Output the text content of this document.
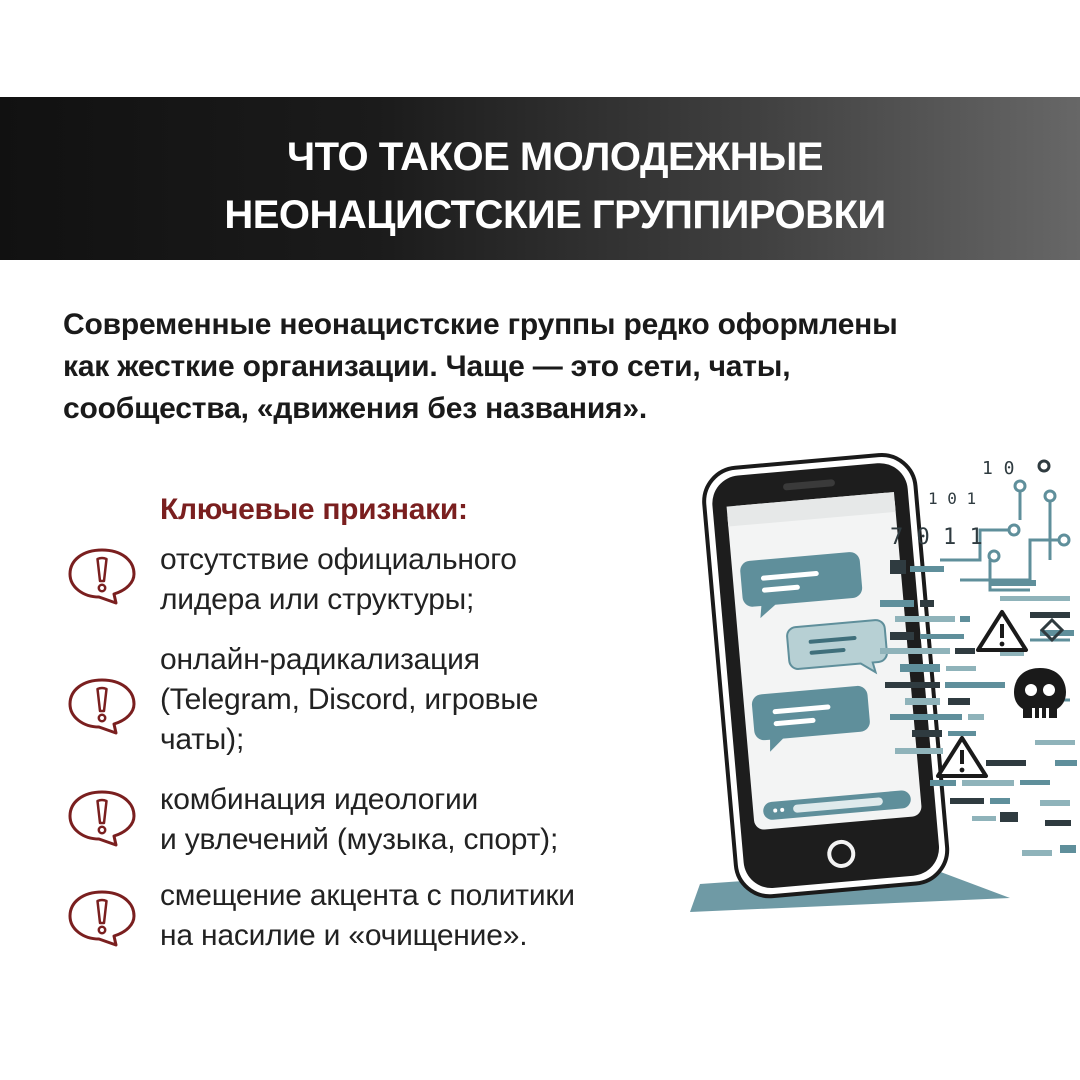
ЧТО ТАКОЕ МОЛОДЕЖНЫЕ
НЕОНАЦИСТСКИЕ ГРУППИРОВКИ

Современные неонацистские группы редко оформлены
как жесткие организации. Чаще — это сети, чаты,
сообщества, «движения без названия».

Ключевые признаки:
отсутствие официального
лидера или структуры;
онлайн-радикализация
(Telegram, Discord, игровые
чаты);
комбинация идеологии
и увлечений (музыка, спорт);
смещение акцента с политики
на насилие и «очищение».
1 0
1 0 1
7 0 1 1
